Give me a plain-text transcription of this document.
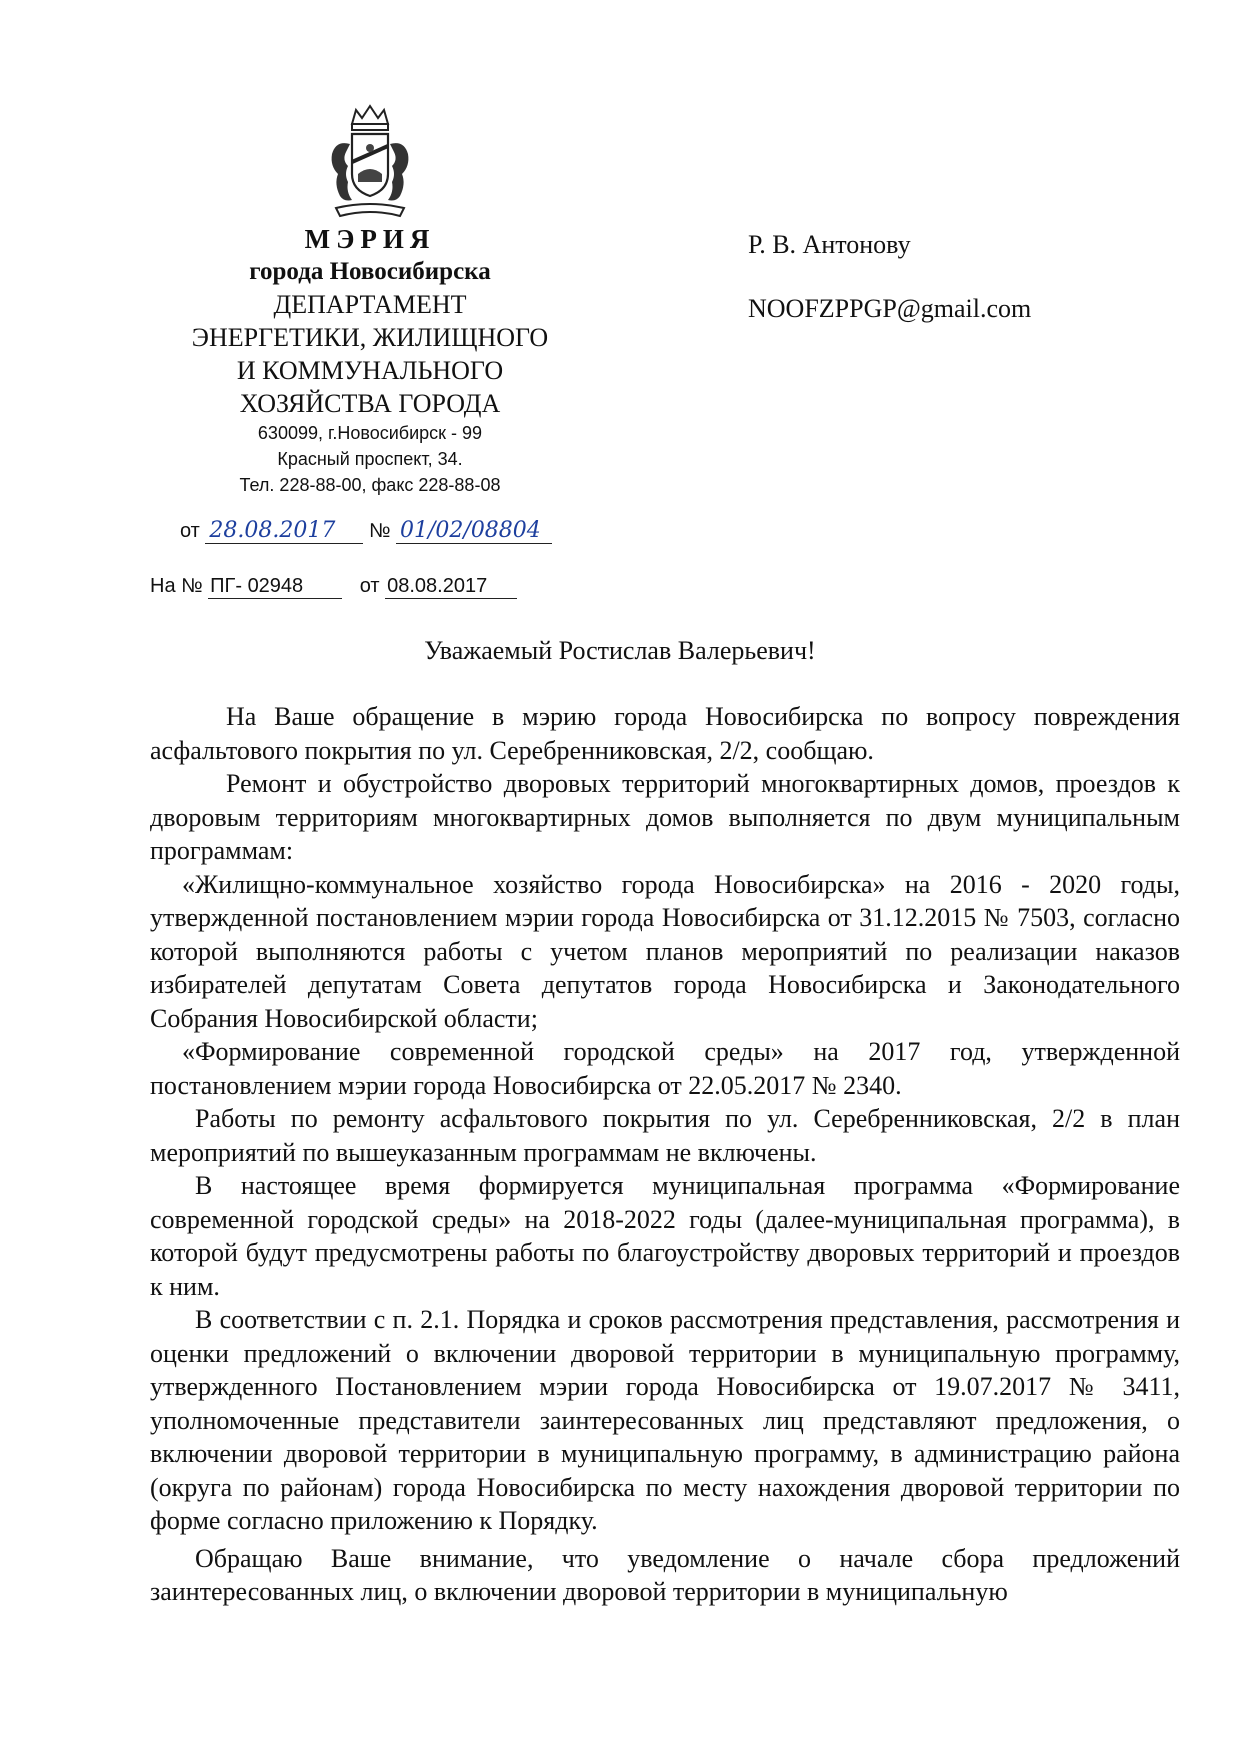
МЭРИЯ
города Новосибирска
ДЕПАРТАМЕНТ
ЭНЕРГЕТИКИ, ЖИЛИЩНОГО
И КОММУНАЛЬНОГО
ХОЗЯЙСТВА ГОРОДА
630099, г.Новосибирск - 99
Красный проспект, 34.
Тел. 228-88-00, факс 228-88-08
от 28.08.2017 № 01/02/08804
На № ПГ- 02948	от 08.08.2017
Р. В. Антонову
NOOFZPPGP@gmail.com
Уважаемый Ростислав Валерьевич!

На Ваше обращение в мэрию города Новосибирска по вопросу повреждения асфальтового покрытия по ул. Серебренниковская, 2/2, сообщаю.

Ремонт и обустройство дворовых территорий многоквартирных домов, проездов к дворовым территориям многоквартирных домов выполняется по двум муниципальным программам:

«Жилищно-коммунальное хозяйство города Новосибирска» на 2016 - 2020 годы, утвержденной постановлением мэрии города Новосибирска от 31.12.2015 № 7503, согласно которой выполняются работы с учетом планов мероприятий по реализации наказов избирателей депутатам Совета депутатов города Новосибирска и Законодательного Собрания Новосибирской области;

«Формирование современной городской среды» на 2017 год, утвержденной постановлением мэрии города Новосибирска от 22.05.2017 № 2340.

Работы по ремонту асфальтового покрытия по ул. Серебренниковская, 2/2 в план мероприятий по вышеуказанным программам не включены.

В настоящее время формируется муниципальная программа «Формирование современной городской среды» на 2018-2022 годы (далее-муниципальная программа), в которой будут предусмотрены работы по благоустройству дворовых территорий и проездов к ним.

В соответствии с п. 2.1. Порядка и сроков рассмотрения представления, рассмотрения и оценки предложений о включении дворовой территории в муниципальную программу, утвержденного Постановлением мэрии города Новосибирска от 19.07.2017 № 3411, уполномоченные представители заинтересованных лиц представляют предложения, о включении дворовой территории в муниципальную программу, в администрацию района (округа по районам) города Новосибирска по месту нахождения дворовой территории по форме согласно приложению к Порядку.

Обращаю Ваше внимание, что уведомление о начале сбора предложений заинтересованных лиц, о включении дворовой территории в муниципальную
